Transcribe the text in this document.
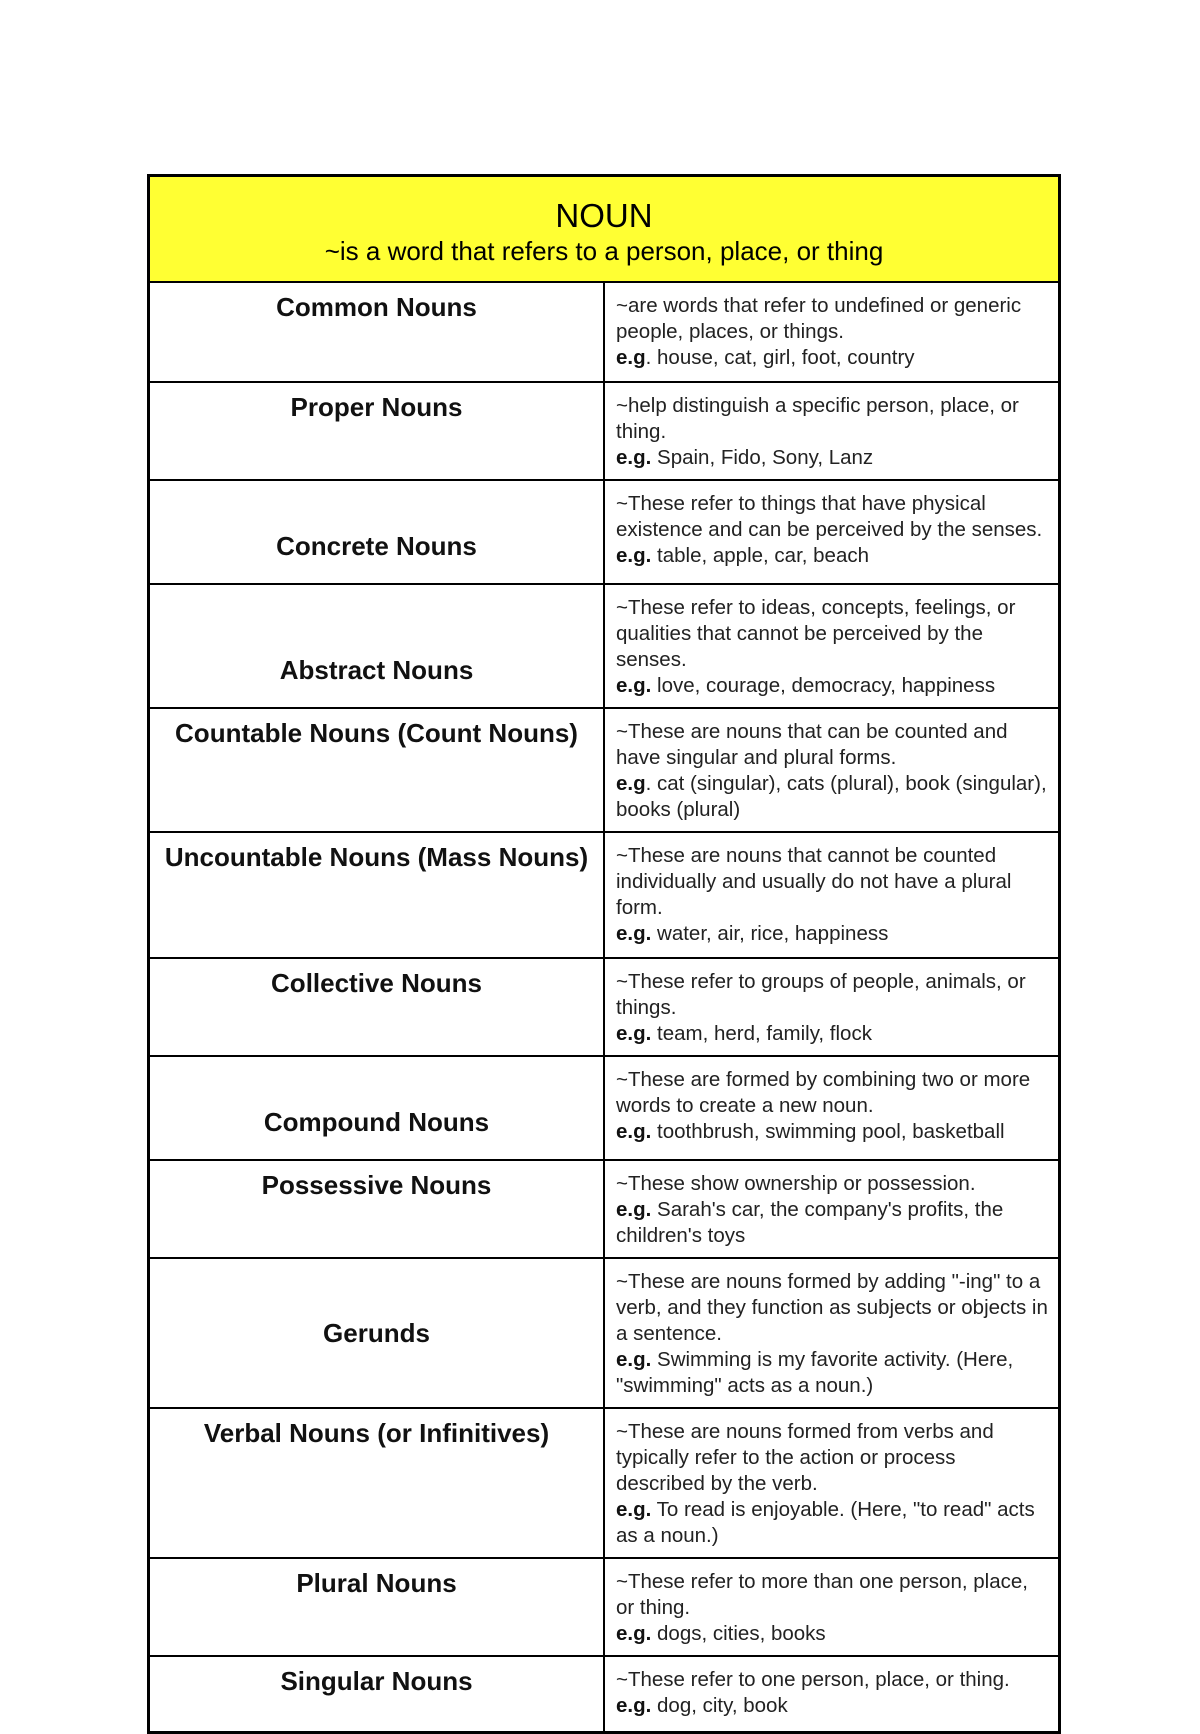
NOUN
~is a word that refers to a person, place, or thing	

Common Nouns	~are words that refer to undefined or generic people, places, or things.
e.g. house, cat, girl, foot, country

Proper Nouns	~help distinguish a specific person, place, or thing.
e.g. Spain, Fido, Sony, Lanz

Concrete Nouns	~These refer to things that have physical existence and can be perceived by the senses.
e.g. table, apple, car, beach

Abstract Nouns	~These refer to ideas, concepts, feelings, or qualities that cannot be perceived by the senses.
e.g. love, courage, democracy, happiness

Countable Nouns (Count Nouns)	~These are nouns that can be counted and have singular and plural forms.
e.g. cat (singular), cats (plural), book (singular), books (plural)

Uncountable Nouns (Mass Nouns)	~These are nouns that cannot be counted individually and usually do not have a plural form.
e.g. water, air, rice, happiness

Collective Nouns	~These refer to groups of people, animals, or things.
e.g. team, herd, family, flock

Compound Nouns	~These are formed by combining two or more words to create a new noun.
e.g. toothbrush, swimming pool, basketball

Possessive Nouns	~These show ownership or possession.
e.g. Sarah's car, the company's profits, the children's toys

Gerunds	~These are nouns formed by adding "-ing" to a verb, and they function as subjects or objects in a sentence.
e.g. Swimming is my favorite activity. (Here, "swimming" acts as a noun.)

Verbal Nouns (or Infinitives)	~These are nouns formed from verbs and typically refer to the action or process described by the verb.
e.g. To read is enjoyable. (Here, "to read" acts as a noun.)

Plural Nouns	~These refer to more than one person, place, or thing.
e.g. dogs, cities, books

Singular Nouns	~These refer to one person, place, or thing.
e.g. dog, city, book
